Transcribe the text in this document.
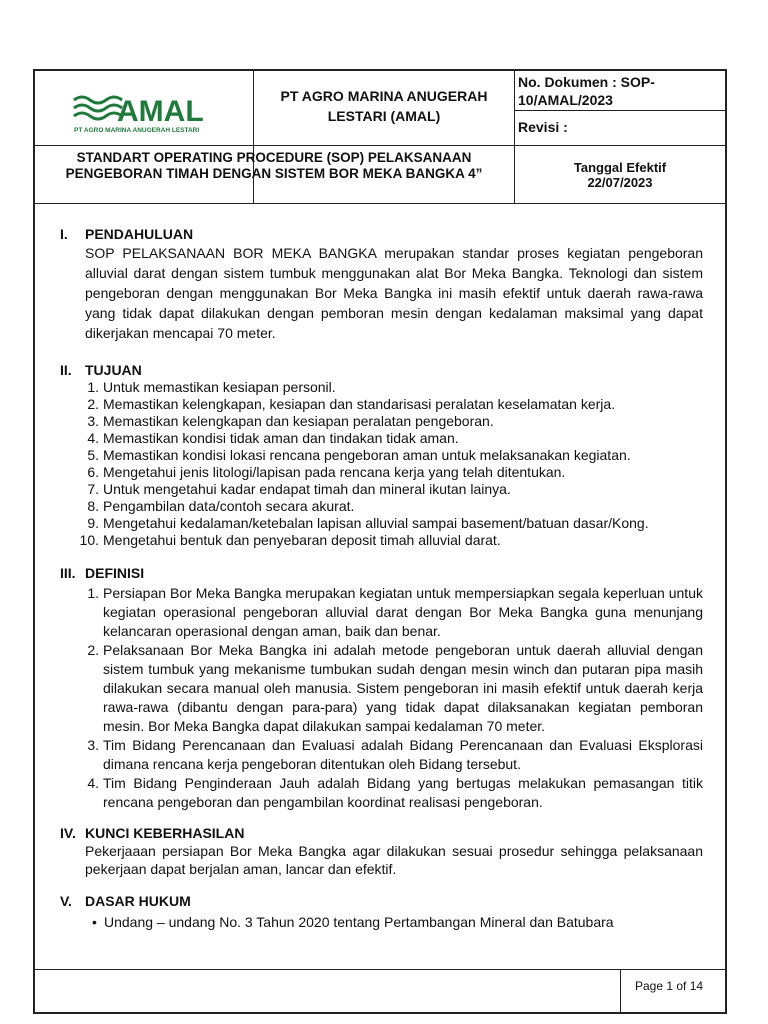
AMAL
PT AGRO MARINA ANUGERAH LESTARI
PT AGRO MARINA ANUGERAH LESTARI (AMAL)
No. Dokumen : SOP-10/AMAL/2023
Revisi :
STANDART OPERATING PROCEDURE (SOP) PELAKSANAAN PENGEBORAN TIMAH DENGAN SISTEM BOR MEKA BANGKA 4”	Tanggal Efektif
22/07/2023
I.	PENDAHULUAN

SOP PELAKSANAAN BOR MEKA BANGKA merupakan standar proses kegiatan pengeboran alluvial darat dengan sistem tumbuk menggunakan alat Bor Meka Bangka. Teknologi dan sistem pengeboran dengan menggunakan Bor Meka Bangka ini masih efektif untuk daerah rawa-rawa yang tidak dapat dilakukan dengan pemboran mesin dengan kedalaman maksimal yang dapat dikerjakan mencapai 70 meter.

II. TUJUAN
1. Untuk memastikan kesiapan personil.
2. Memastikan kelengkapan, kesiapan dan standarisasi peralatan keselamatan kerja.
3. Memastikan kelengkapan dan kesiapan peralatan pengeboran.
4. Memastikan kondisi tidak aman dan tindakan tidak aman.
5. Memastikan kondisi lokasi rencana pengeboran aman untuk melaksanakan kegiatan.
6. Mengetahui jenis litologi/lapisan pada rencana kerja yang telah ditentukan.
7. Untuk mengetahui kadar endapat timah dan mineral ikutan lainya.
8. Pengambilan data/contoh secara akurat.
9. Mengetahui kedalaman/ketebalan lapisan alluvial sampai basement/batuan dasar/Kong.
10. Mengetahui bentuk dan penyebaran deposit timah alluvial darat.
III. DEFINISI
1. Persiapan Bor Meka Bangka merupakan kegiatan untuk mempersiapkan segala keperluan untuk kegiatan operasional pengeboran alluvial darat dengan Bor Meka Bangka guna menunjang kelancaran operasional dengan aman, baik dan benar.
2. Pelaksanaan Bor Meka Bangka ini adalah metode pengeboran untuk daerah alluvial dengan sistem tumbuk yang mekanisme tumbukan sudah dengan mesin winch dan putaran pipa masih dilakukan secara manual oleh manusia. Sistem pengeboran ini masih efektif untuk daerah kerja rawa-rawa (dibantu dengan para-para) yang tidak dapat dilaksanakan kegiatan pemboran mesin. Bor Meka Bangka dapat dilakukan sampai kedalaman 70 meter.
3. Tim Bidang Perencanaan dan Evaluasi adalah Bidang Perencanaan dan Evaluasi Eksplorasi dimana rencana kerja pengeboran ditentukan oleh Bidang tersebut.
4. Tim Bidang Penginderaan Jauh adalah Bidang yang bertugas melakukan pemasangan titik rencana pengeboran dan pengambilan koordinat realisasi pengeboran.
IV. KUNCI KEBERHASILAN

Pekerjaaan persiapan Bor Meka Bangka agar dilakukan sesuai prosedur sehingga pelaksanaan pekerjaan dapat berjalan aman, lancar dan efektif.

V. DASAR HUKUM
• Undang – undang No. 3 Tahun 2020 tentang Pertambangan Mineral dan Batubara
Page 1 of 14
